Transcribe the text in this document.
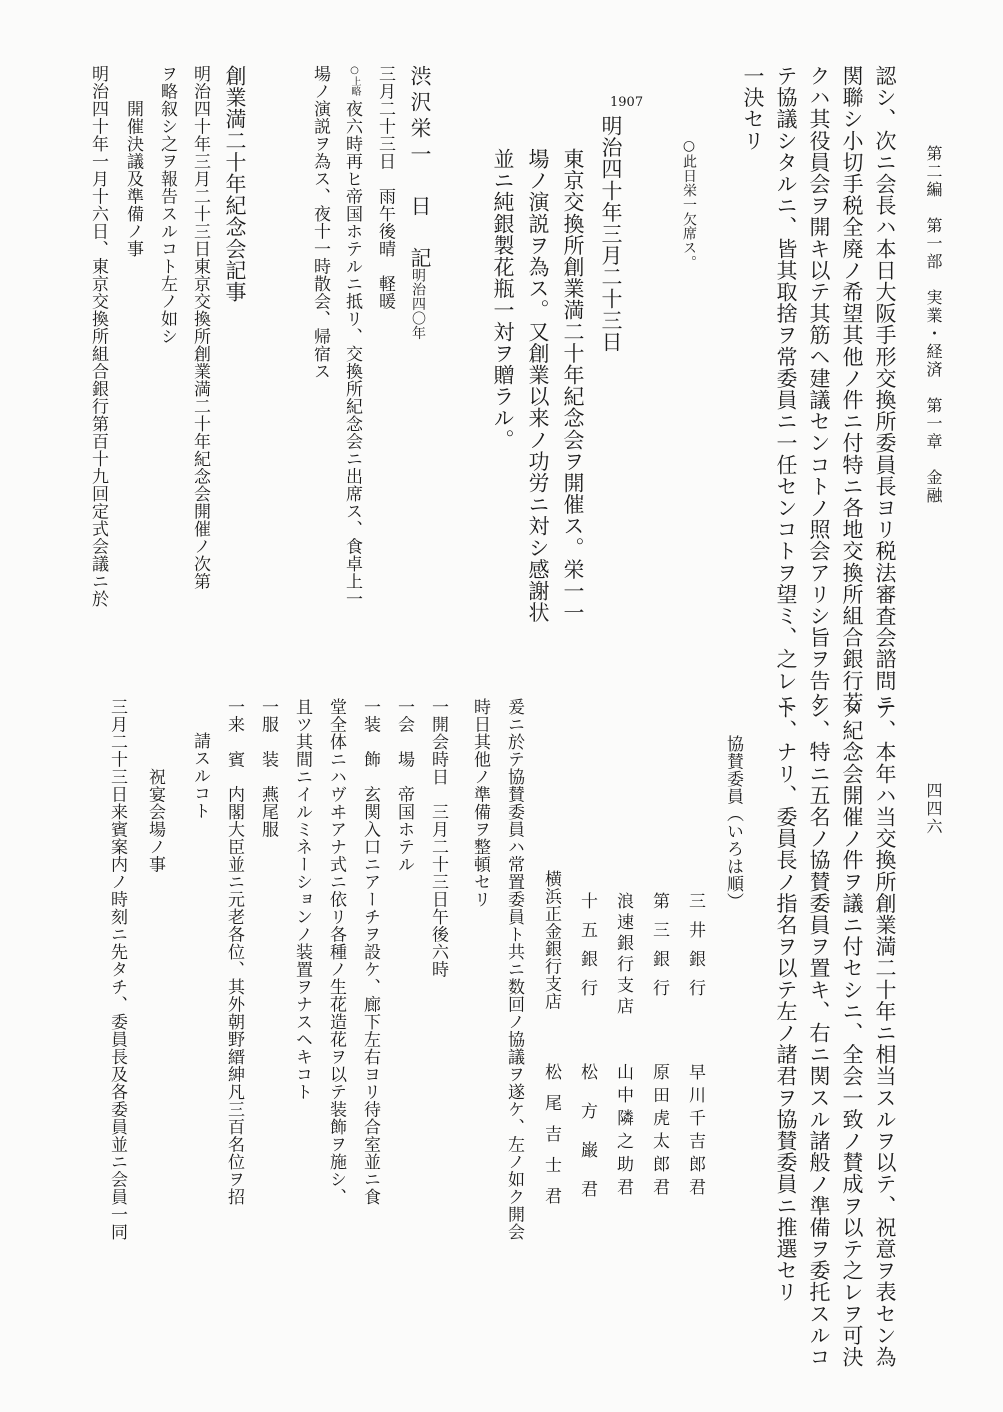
第二編　第一部　実業・経済　第一章　金融
四四六
認シ、次ニ会長ハ本日大阪手形交換所委員長ヨリ税法審査会諮問ニ
関聯シ小切手税全廃ノ希望其他ノ件ニ付特ニ各地交換所組合銀行若
クハ其役員会ヲ開キ以テ其筋ヘ建議センコトノ照会アリシ旨ヲ告ケ
テ協議シタルニ、皆其取捨ヲ常委員ニ一任センコトヲ望ミ、之レニ
一決セリ
○此日栄一欠席ス。
1907
明治四十年三月二十三日
東京交換所創業満二十年紀念会ヲ開催ス。栄一一
場ノ演説ヲ為ス。又創業以来ノ功労ニ対シ感謝状
並ニ純銀製花瓶一対ヲ贈ラル。
渋沢栄一　日　記
明治四〇年
三月二十三日　雨午後晴　軽暖
○上略
夜六時再ヒ帝国ホテルニ抵リ、交換所紀念会ニ出席ス、食卓上一
場ノ演説ヲ為ス、夜十一時散会、帰宿ス
創業満二十年紀念会記事
明治四十年三月二十三日東京交換所創業満二十年紀念会開催ノ次第
ヲ略叙シ之ヲ報告スルコト左ノ如シ
開催決議及準備ノ事
明治四十年一月十六日、東京交換所組合銀行第百十九回定式会議ニ於
テ、本年ハ当交換所創業満二十年ニ相当スルヲ以テ、祝意ヲ表セン為
メ紀念会開催ノ件ヲ議ニ付セシニ、全会一致ノ賛成ヲ以テ之レヲ可決
シ、特ニ五名ノ協賛委員ヲ置キ、右ニ関スル諸般ノ準備ヲ委托スルコ
ト、ナリ、委員長ノ指名ヲ以テ左ノ諸君ヲ協賛委員ニ推選セリ
協賛委員（いろは順）
三井銀行
早川千吉郎君
第三銀行
原田虎太郎君
浪速銀行支店
山中隣之助君
十五銀行
松方巌君
横浜正金銀行支店
松尾吉士君
爰ニ於テ協賛委員ハ常置委員ト共ニ数回ノ協議ヲ遂ケ、左ノ如ク開会
時日其他ノ準備ヲ整頓セリ
一開会時日　三月二十三日午後六時
一会　場　帝国ホテル
一装　飾　玄関入口ニアーチヲ設ケ、廊下左右ヨリ待合室並ニ食
堂全体ニハヴヰアナ式ニ依リ各種ノ生花造花ヲ以テ装飾ヲ施シ、
且ツ其間ニイルミネーションノ装置ヲナスヘキコト
一服　装　燕尾服
一来　賓　内閣大臣並ニ元老各位、其外朝野縉紳凡三百名位ヲ招
請スルコト
祝宴会場ノ事
三月二十三日来賓案内ノ時刻ニ先タチ、委員長及各委員並ニ会員一同
